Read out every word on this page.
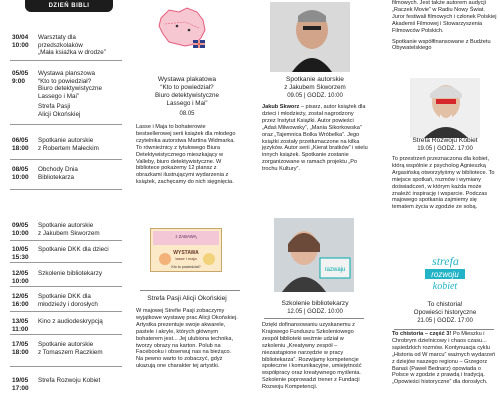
DZIEŃ BIBLI
30/04
10:00
Warsztaty dla
przedszkolaków
„Mała ksiażka w drodze”
05/05
9:00
Wystawa planszowa
“Kto to powiedział?
Biuro detektywistyczne
Lassego i Mai”
Strefa Pasji
Alicji Okońskiej
06/05
18:00
Spotkanie autorskie
z Robertem Małeckim
08/05
10:00
Obchody Dnia
Bibliotekarza
09/05
10:00
Spotkanie autorskie
z Jakubem Skworzem
10/05
15:30
Spotkanie DKK dla dzieci
12/05
10:00
Szkolenie bibliotekarzy
12/05
16:00
Spotkanie DKK dla
młodzieży i dorosłych
13/05
11:00
Kino z audiodeskrypcją
17/05
18:00
Spotkanie autorskie
z Tomaszem Raczkiem
19/05
17:00
Strefa Rozwoju Kobiet
Wystawa plakatowa
“Kto to powiedział?
Biuro detektywistyczne
Lassego i Mai”
08.05
Lasse i Maja to bohaterowie bestsellerowej serii książek dla młodego czytelnika autorstwa Martina Widmarka. To równieżnicy z tytułowego Biura Detektywistycznego mieszkający w Valleby, biuro detektywistyczne. W bibliotece pokażemy 12 plansz z obrazkami ilustrującymi wydarzenia z książek, zachęcamy do nich sięgnięcia.
WYSTAWA
lasse i maja
z ZABAWĄ
Kto to powiedział?
Strefa Pasji Alicji Okońskiej
W majowej Strefie Pasji zobaczymy wyjątkowe wystawę prac Alicji Okońskiej. Artystka prezentuje swoje akwarele, pastele i akryle, których głównym bohaterem jest... Jej ulubiona technika, tworzy obrazy na karton. Polub na Facebooku i obserwuj nas na bieżąco. Na pewno warto to zobaczyć, gdyż ukazują one charakter tej artystki.
Spotkanie autorskie
z Jakubem Skworzem
09.05 | GODZ. 10:00
Jakub Skworz – pisarz, autor książek dla dzieci i młodzieży, został nagrodzony przez Instytut Książki. Autor powieści „Adaś Milwowsky”, „Mania Sikorkowska” oraz „Tajemnica Bolka Wróbelka”. Jego książki zostały przetłumaczone na kilka języków. Autor serii „Kierat bratków” i wielu innych książek. Spotkanie zostanie zorganizowane w ramach projektu „Po trochu Kultury”.
razwaju
Szkolenie bibliotekarzy
12.05 | GODZ. 10:00
Dzięki dofinansowaniu uzyskanemu z Krajowego Funduszu Szkoleniowego zespół biblioteki weźmie udział w szkoleniu „Kreatywny zespół – niezastąpione narzędzie w pracy bibliotekarza”. Rozwijamy kompetencje społeczne i komunikacyjne, umiejętność współpracy oraz kreatywnego myślenia. Szkolenie poprowadzi trener z Fundacji Rozwoju Kompetencji.
filmowych. Jest także autorem audycji „Raczek Movie” w Radiu Nowy Świat. Juror festiwali filmowych i członek Polskiej Akademii Filmowej i Stowarzyszenia Filmowców Polskich.
Spotkanie współfinansowane z Budżetu Obywatelskiego
Strefa Rozwoju Kobiet
19.05 | GODZ. 17:00
To przestrzeń przeznaczona dla kobiet, którą wspólnie z psycholog Agnieszką Argasińską otworzyłyśmy w bibliotece. To miejsce spotkań, rozmów i wymiany doświadczeń, w którym każda może znaleźć inspirację i wsparcie. Podczas majowego spotkania zajmiemy się tematem życia w zgodzie ze sobą.
strefa
rozwoju
kobiet
To chistoria!
Opowieści historyczne
21.05 | GODZ. 17:00
To chistoria – część 3! Po Mieszku i Chrobrym dzielnicowy i chaos czasu... sąsiedzkich rozmów. Kontynuacja cyklu „Historia od W marcu” ważnych wydarzeń z dziejów naszego regionu – Grzegorz Banaś (Paweł Bednarz) opowiada o Polsce w zgodzie z prawdą i tradycją. „Opowieści historyczne” dla dorosłych.
